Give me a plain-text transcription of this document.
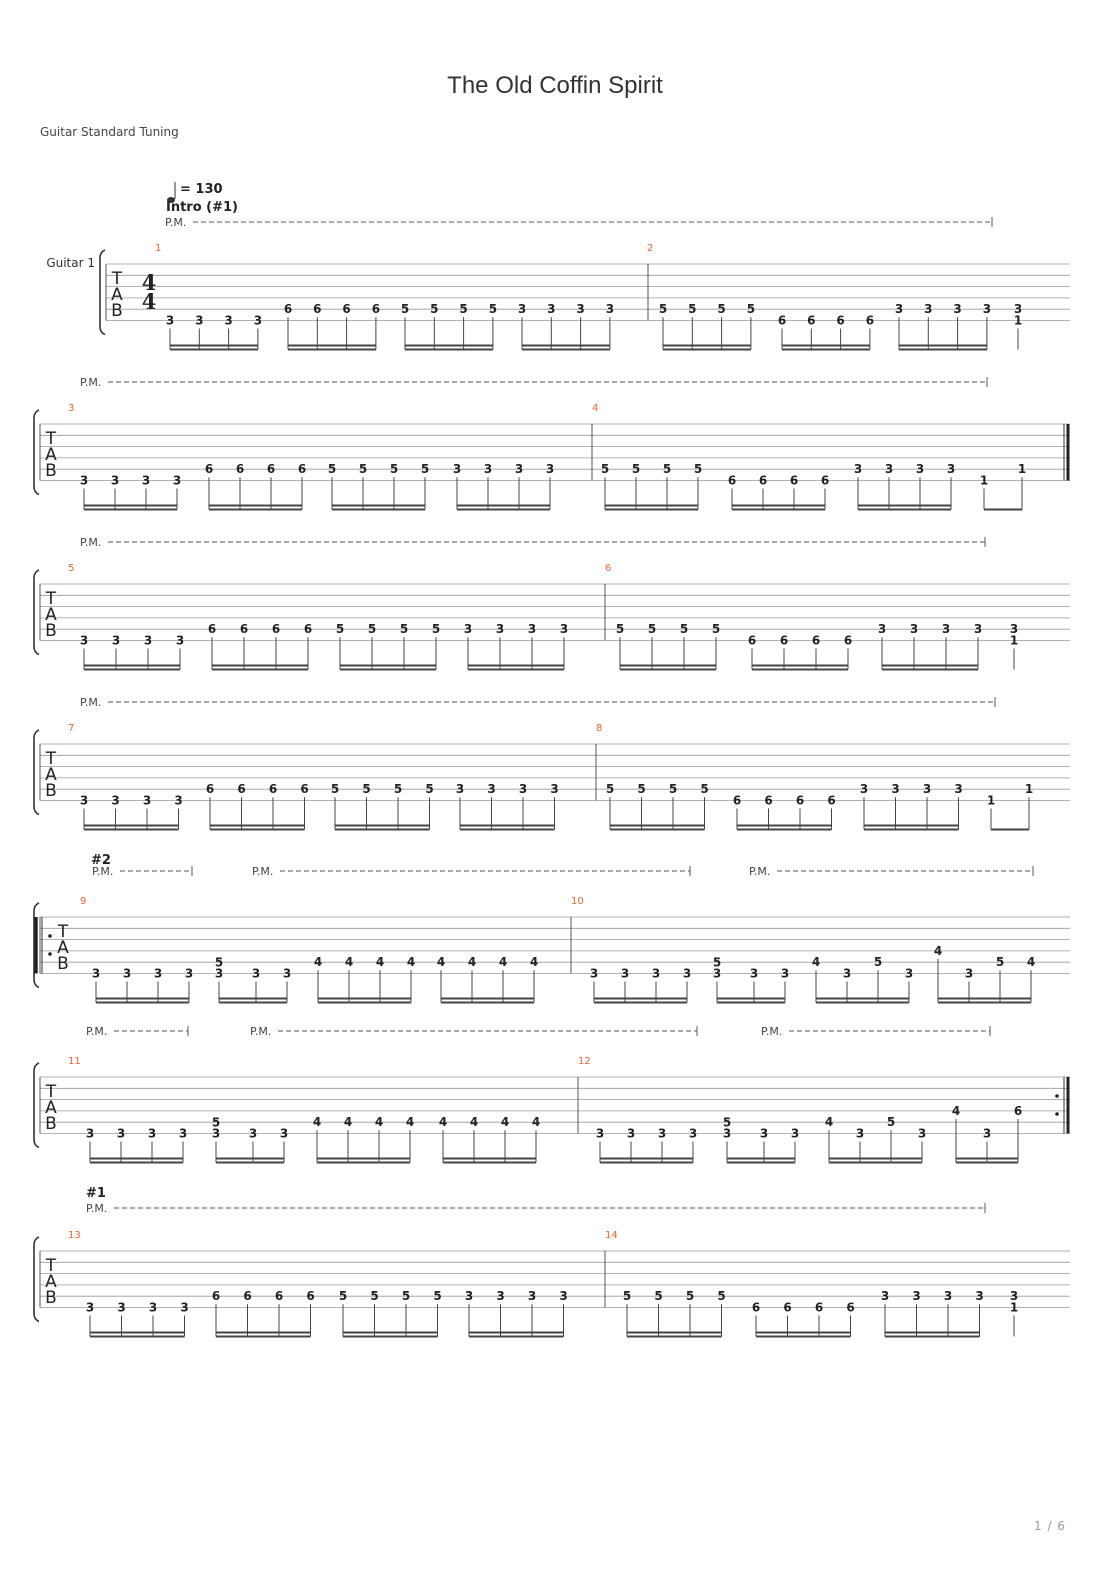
The Old Coffin Spirit
Guitar Standard Tuning
1 / 6
= 130
Intro (#1)
P.M.
Guitar 1
T
A
B
4
4
1	2
3 3 3 3
6 6 6 6 5 5 5 5 3 3 3 3	5 5 5 5
6 6 6 6
3 3 3 3 3
1
P.M.
T
A
B
3	4
3 3 3 3
6 6 6 6 5 5 5 5 3 3 3 3	5 5 5 5
6 6 6 6
3 3 3 3
1
1
P.M.
T
A
B
5	6
3 3 3 3
6 6 6 6 5 5 5 5 3 3 3 3	5 5 5 5
6 6 6 6
3 3 3 3 3
1
P.M.
T
A
B
7	8
3 3 3 3
6 6 6 6 5 5 5 5 3 3 3 3	5 5 5 5
6 6 6 6
3 3 3 3
1
1
#2
P.M.	P.M.	P.M.
T
A
B
9	10
3 3 3 3 3
5
3 3
4 4 4 4 4 4 4 4
3 3 3 3 3
5
3 3
4
3
5
3
4
3
5 4
P.M.	P.M.	P.M.
T
A
B
11	12
3 3 3 3 3
5
3 3
4 4 4 4 4 4 4 4
3 3 3 3 3
5
3 3
4
3
5
3
4
3
6
#1
P.M.
T
A
B
13	14
3 3 3 3
6 6 6 6 5 5 5 5 3 3 3 3	5 5 5 5
6 6 6 6
3 3 3 3 3
1
